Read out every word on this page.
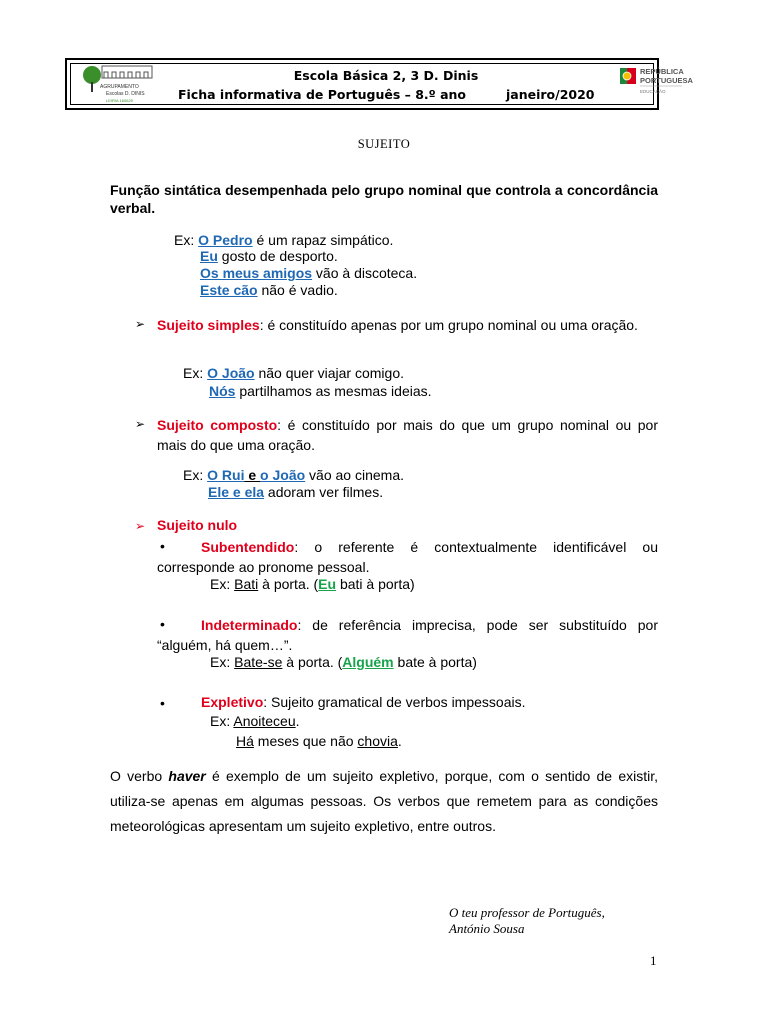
AGRUPAMENTO
Escolas D. DINIS
LEIRIA 160629
Escola Básica 2, 3 D. Dinis
Ficha informativa de Português – 8.º ano	janeiro/2020
REPÚBLICA
PORTUGUESA
EDUCAÇÃO
SUJEITO
Função sintática desempenhada pelo grupo nominal que controla a concordância verbal.
Ex: O Pedro é um rapaz simpático.
Eu gosto de desporto.
Os meus amigos vão à discoteca.
Este cão não é vadio.
➢ Sujeito simples: é constituído apenas por um grupo nominal ou uma oração.
Ex: O João não quer viajar comigo.
Nós partilhamos as mesmas ideias.
➢ Sujeito composto: é constituído por mais do que um grupo nominal ou por mais do que uma oração.
Ex: O Rui e o João vão ao cinema.
Ele e ela adoram ver filmes.
➢ Sujeito nulo
•	Subentendido: o referente é contextualmente identificável ou corresponde ao pronome pessoal.
Ex: Bati à porta. (Eu bati à porta)
•	Indeterminado: de referência imprecisa, pode ser substituído por “alguém, há quem…”.
Ex: Bate-se à porta. (Alguém bate à porta)
•	Expletivo: Sujeito gramatical de verbos impessoais.
Ex: Anoiteceu.
Há meses que não chovia.
O verbo haver é exemplo de um sujeito expletivo, porque, com o sentido de existir, utiliza-se apenas em algumas pessoas. Os verbos que remetem para as condições meteorológicas apresentam um sujeito expletivo, entre outros.
O teu professor de Português,
António Sousa
1
